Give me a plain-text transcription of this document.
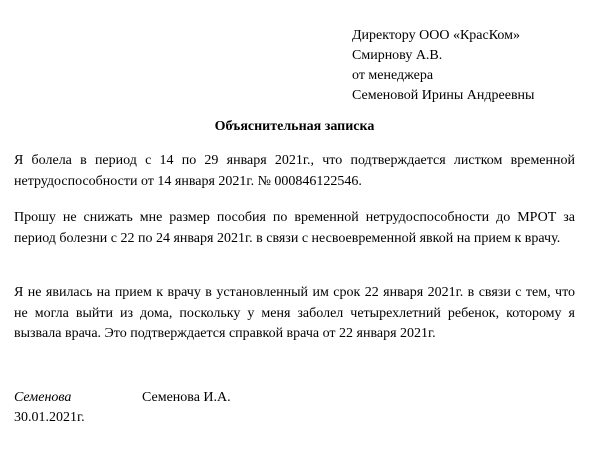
Директору ООО «КрасКом»
Смирнову А.В.
от менеджера
Семеновой Ирины Андреевны
Объяснительная записка

Я болела в период с 14 по 29 января 2021г., что подтверждается листком временной нетрудоспособности от 14 января 2021г. № 000846122546.

Прошу не снижать мне размер пособия по временной нетрудоспособности до МРОТ за период болезни с 22 по 24 января 2021г. в связи с несвоевременной явкой на прием к врачу.

Я не явилась на прием к врачу в установленный им срок 22 января 2021г. в связи с тем, что не могла выйти из дома, поскольку у меня заболел четырехлетний ребенок, которому я вызвала врача. Это подтверждается справкой врача от 22 января 2021г.

Семенова	Семенова И.А.
30.01.2021г.
